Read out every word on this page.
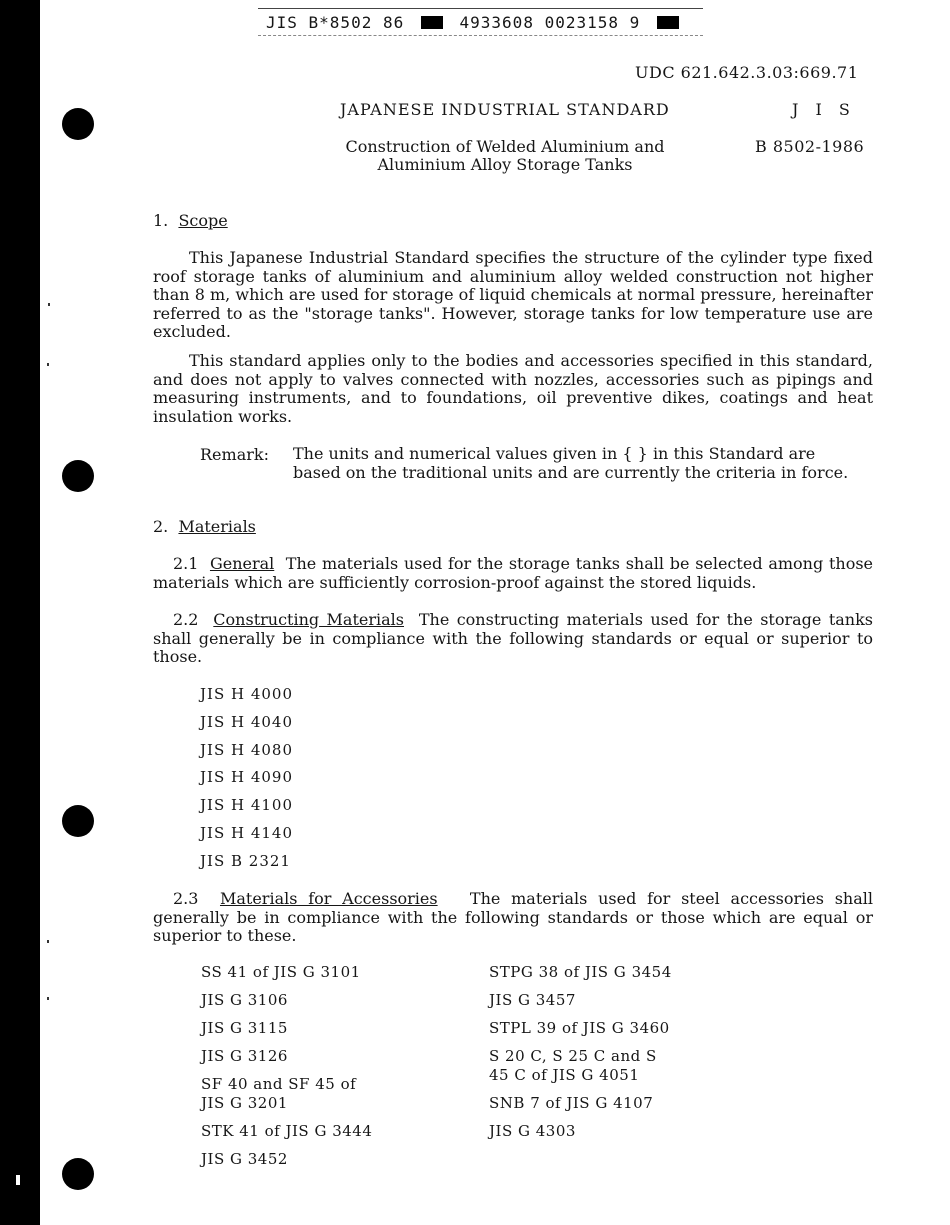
JIS B*8502 86	4933608 0023158 9
UDC 621.642.3.03:669.71
JAPANESE INDUSTRIAL STANDARD	J I S
Construction of Welded Aluminium and Aluminium Alloy Storage Tanks
B 8502-1986
1. Scope
This Japanese Industrial Standard specifies the structure of the cylinder type fixed roof storage tanks of aluminium and aluminium alloy welded construction not higher than 8 m, which are used for storage of liquid chemicals at normal pressure, hereinafter referred to as the "storage tanks". However, storage tanks for low temperature use are excluded.
This standard applies only to the bodies and accessories specified in this standard, and does not apply to valves connected with nozzles, accessories such as pipings and measuring instruments, and to foundations, oil preventive dikes, coatings and heat insulation works.
Remark: The units and numerical values given in { } in this Standard are based on the traditional units and are currently the criteria in force.
2. Materials
2.1 General The materials used for the storage tanks shall be selected among those materials which are sufficiently corrosion-proof against the stored liquids.
2.2 Constructing Materials The constructing materials used for the storage tanks shall generally be in compliance with the following standards or equal or superior to those.
JIS H 4000
JIS H 4040
JIS H 4080
JIS H 4090
JIS H 4100
JIS H 4140
JIS B 2321
2.3 Materials for Accessories The materials used for steel accessories shall generally be in compliance with the following standards or those which are equal or superior to these.
SS 41 of JIS G 3101
JIS G 3106
JIS G 3115
JIS G 3126
SF 40 and SF 45 of JIS G 3201
STK 41 of JIS G 3444
JIS G 3452
STPG 38 of JIS G 3454
JIS G 3457
STPL 39 of JIS G 3460
S 20 C, S 25 C and S 45 C of JIS G 4051
SNB 7 of JIS G 4107
JIS G 4303
